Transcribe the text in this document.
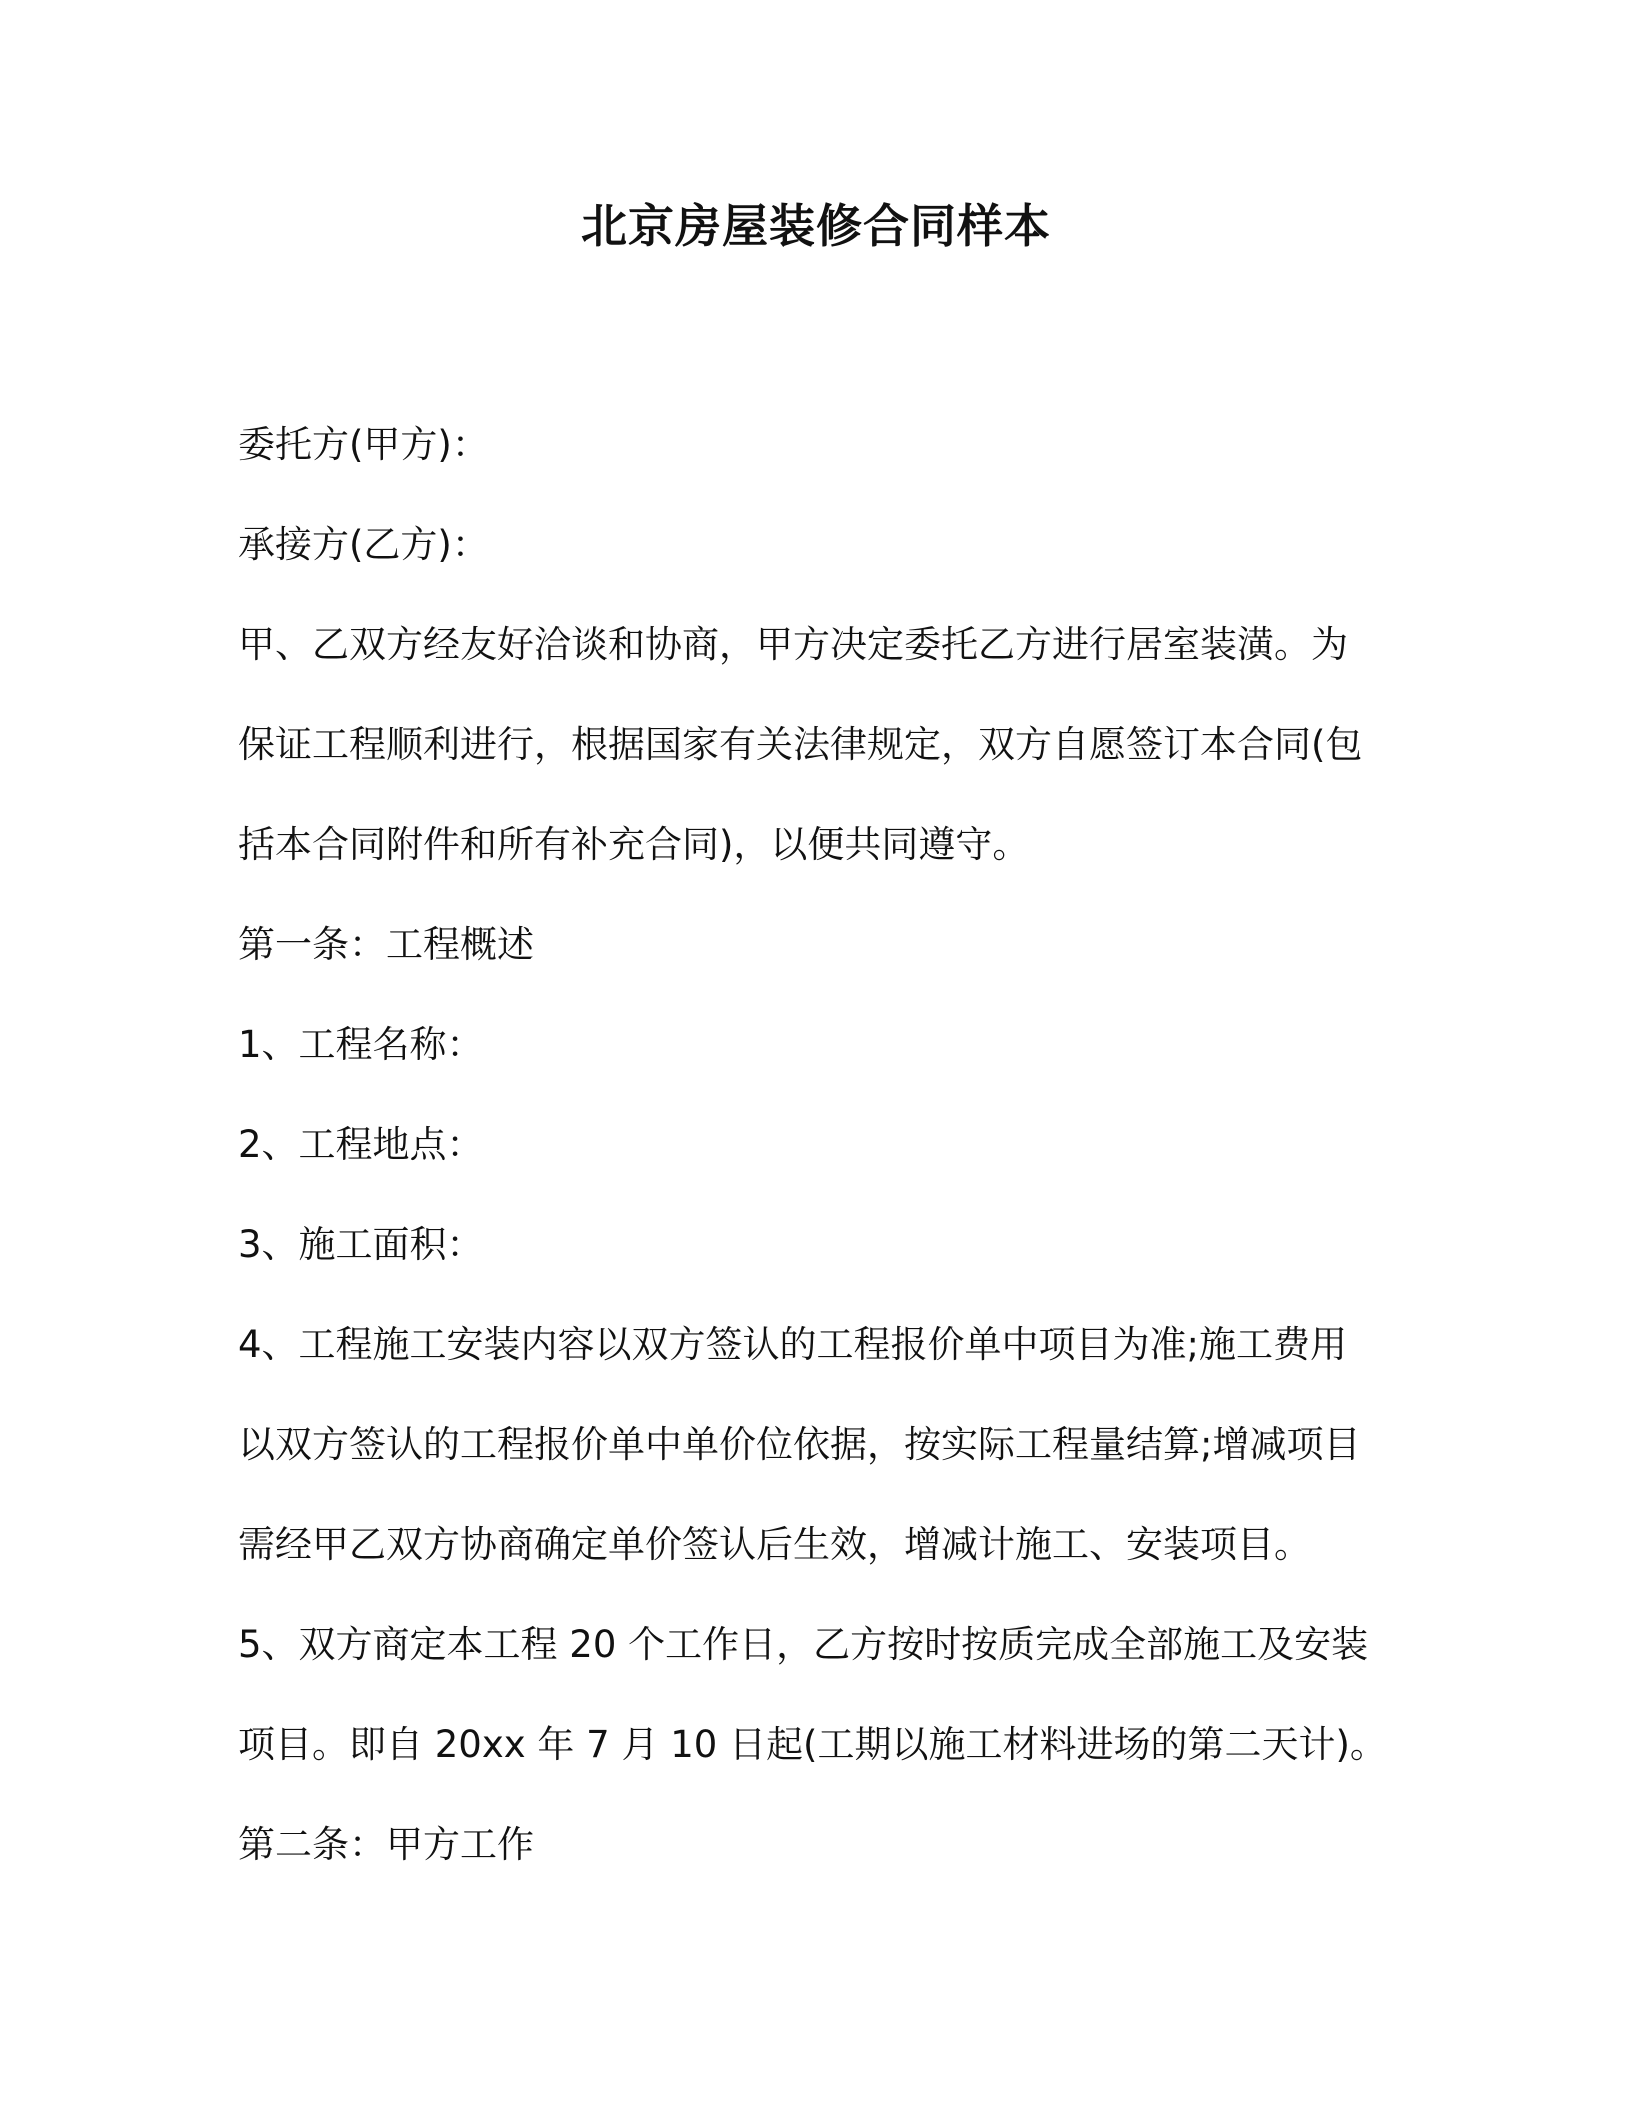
北京房屋装修合同样本
委托方(甲方)：
承接方(乙方)：
甲、乙双方经友好洽谈和协商，甲方决定委托乙方进行居室装潢。为
保证工程顺利进行，根据国家有关法律规定，双方自愿签订本合同(包
括本合同附件和所有补充合同)，以便共同遵守。
第一条：工程概述
1、工程名称：
2、工程地点：
3、施工面积：
4、工程施工安装内容以双方签认的工程报价单中项目为准;施工费用
以双方签认的工程报价单中单价位依据，按实际工程量结算;增减项目
需经甲乙双方协商确定单价签认后生效，增减计施工、安装项目。
5、双方商定本工程 20 个工作日，乙方按时按质完成全部施工及安装
项目。即自 20xx 年 7 月 10 日起(工期以施工材料进场的第二天计)。
第二条：甲方工作
